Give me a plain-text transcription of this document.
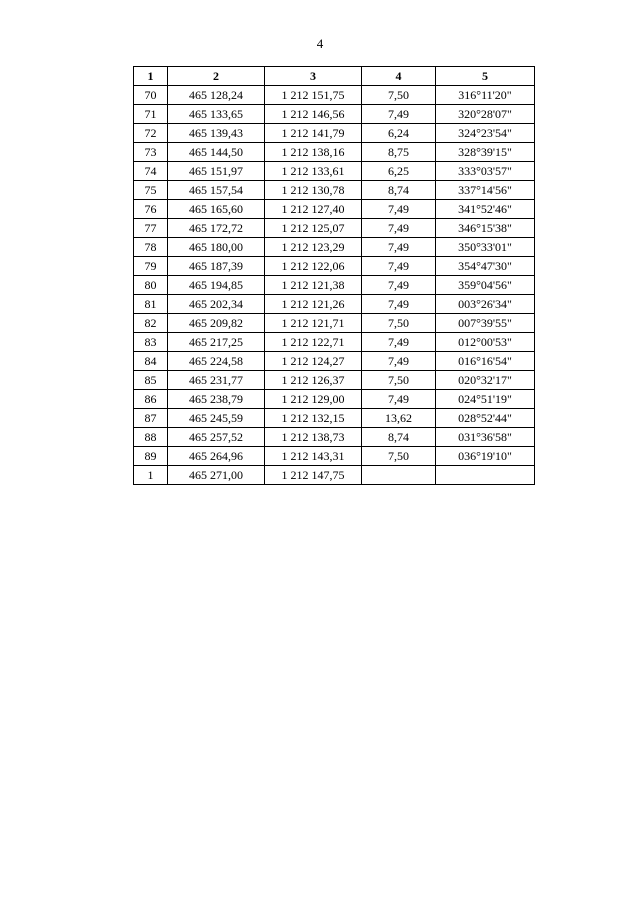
4
1	2	3	4	5
70	465 128,24	1 212 151,75	7,50	316°11'20"
71	465 133,65	1 212 146,56	7,49	320°28'07"
72	465 139,43	1 212 141,79	6,24	324°23'54"
73	465 144,50	1 212 138,16	8,75	328°39'15"
74	465 151,97	1 212 133,61	6,25	333°03'57"
75	465 157,54	1 212 130,78	8,74	337°14'56"
76	465 165,60	1 212 127,40	7,49	341°52'46"
77	465 172,72	1 212 125,07	7,49	346°15'38"
78	465 180,00	1 212 123,29	7,49	350°33'01"
79	465 187,39	1 212 122,06	7,49	354°47'30"
80	465 194,85	1 212 121,38	7,49	359°04'56"
81	465 202,34	1 212 121,26	7,49	003°26'34"
82	465 209,82	1 212 121,71	7,50	007°39'55"
83	465 217,25	1 212 122,71	7,49	012°00'53"
84	465 224,58	1 212 124,27	7,49	016°16'54"
85	465 231,77	1 212 126,37	7,50	020°32'17"
86	465 238,79	1 212 129,00	7,49	024°51'19"
87	465 245,59	1 212 132,15	13,62	028°52'44"
88	465 257,52	1 212 138,73	8,74	031°36'58"
89	465 264,96	1 212 143,31	7,50	036°19'10"
1	465 271,00	1 212 147,75		
